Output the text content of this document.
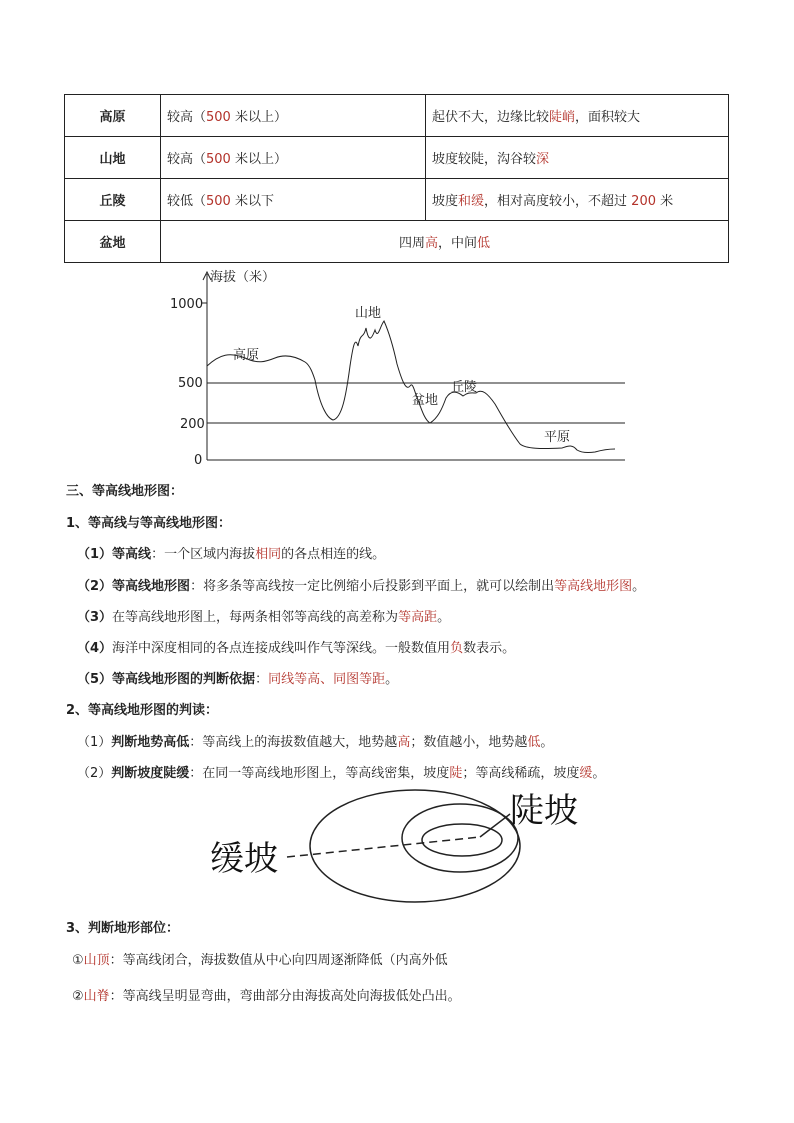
高原	较高（500 米以上）	起伏不大，边缘比较陡峭，面积较大
山地	较高（500 米以上）	坡度较陡，沟谷较深
丘陵	较低（500 米以下	坡度和缓，相对高度较小，不超过 200 米
盆地	四周高，中间低	
海拔（米）
1000
500
200
0
高原
山地
盆地
丘陵
平原
三、等高线地形图：
1、等高线与等高线地形图：
（1）等高线：一个区域内海拔相同的各点相连的线。
（2）等高线地形图：将多条等高线按一定比例缩小后投影到平面上，就可以绘制出等高线地形图。
（3）在等高线地形图上，每两条相邻等高线的高差称为等高距。
（4）海洋中深度相同的各点连接成线叫作气等深线。一般数值用负数表示。
（5）等高线地形图的判断依据：同线等高、同图等距。
2、等高线地形图的判读：
（1）判断地势高低：等高线上的海拔数值越大，地势越高；数值越小，地势越低。
（2）判断坡度陡缓：在同一等高线地形图上，等高线密集，坡度陡；等高线稀疏，坡度缓。
缓坡
陡坡
3、判断地形部位：
①山顶：等高线闭合，海拔数值从中心向四周逐渐降低（内高外低
②山脊：等高线呈明显弯曲，弯曲部分由海拔高处向海拔低处凸出。
